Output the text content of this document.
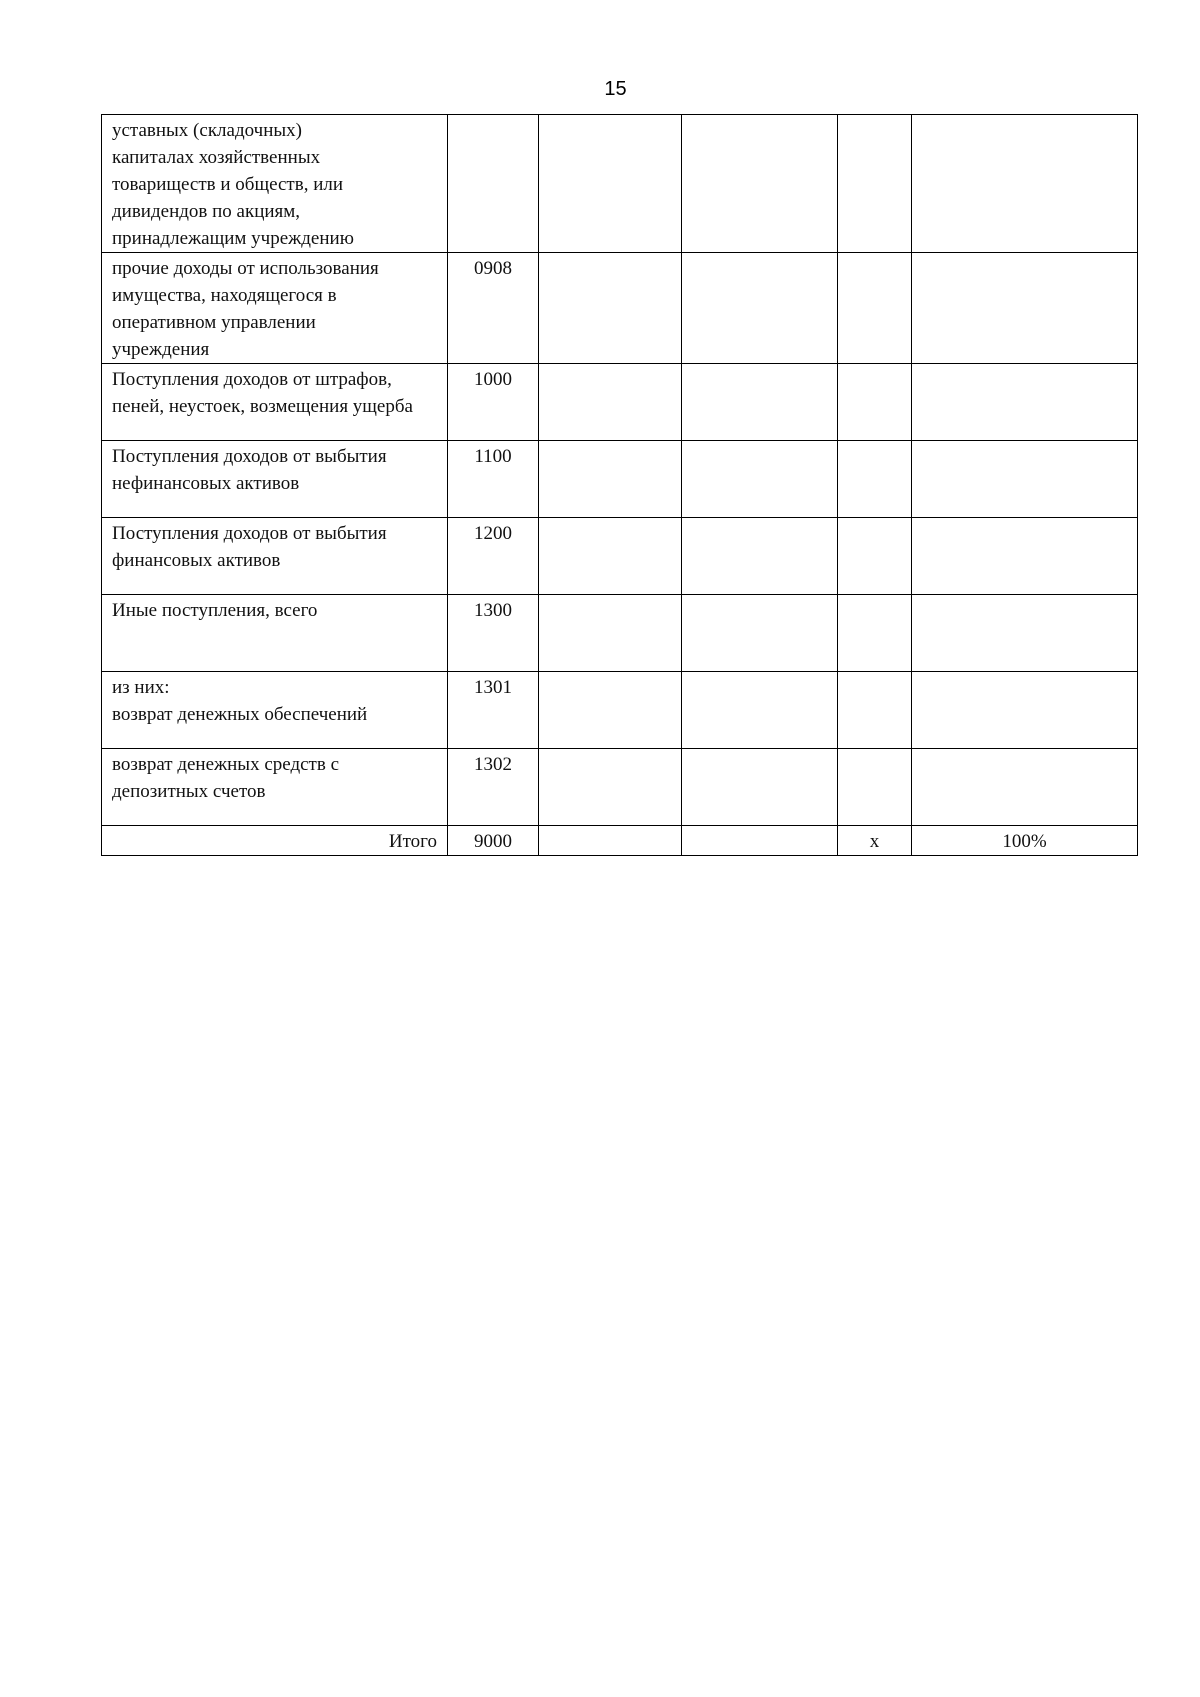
15
уставных (складочных)
капиталах хозяйственных
товариществ и обществ, или
дивидендов по акциям,
принадлежащим учреждению					

прочие доходы от использования
имущества, находящегося в
оперативном управлении
учреждения	0908				

Поступления доходов от штрафов,
пеней, неустоек, возмещения ущерба	1000				

Поступления доходов от выбытия
нефинансовых активов	1100				

Поступления доходов от выбытия
финансовых активов	1200				

Иные поступления, всего	1300				

из них:
возврат денежных обеспечений	1301				

возврат денежных средств с
депозитных счетов	1302				
Итого	9000			x	100%
